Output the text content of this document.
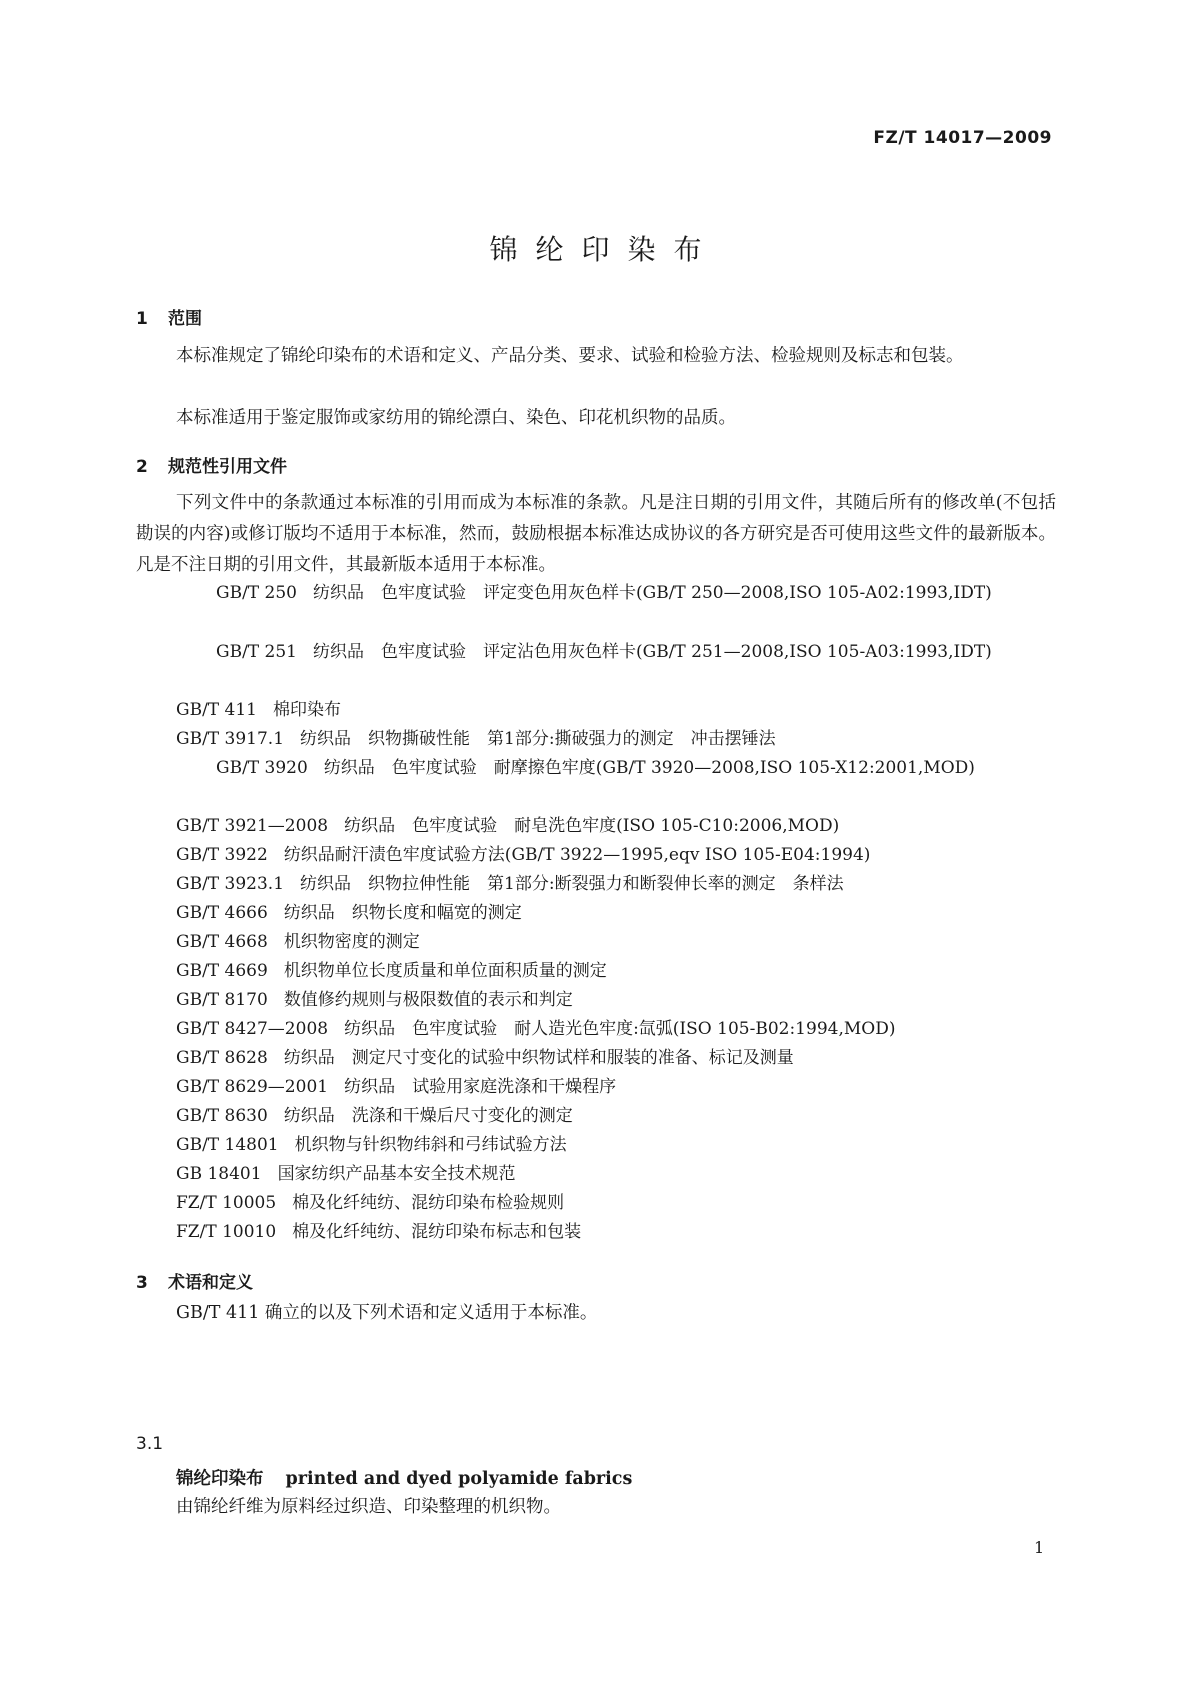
FZ/T 14017—2009
锦纶印染布
1 范围
本标准规定了锦纶印染布的术语和定义、产品分类、要求、试验和检验方法、检验规则及标志和包装。
本标准适用于鉴定服饰或家纺用的锦纶漂白、染色、印花机织物的品质。
2 规范性引用文件
下列文件中的条款通过本标准的引用而成为本标准的条款。凡是注日期的引用文件，其随后所有的修改单(不包括勘误的内容)或修订版均不适用于本标准，然而，鼓励根据本标准达成协议的各方研究是否可使用这些文件的最新版本。凡是不注日期的引用文件，其最新版本适用于本标准。
GB/T 250 纺织品　色牢度试验　评定变色用灰色样卡(GB/T 250—2008,ISO 105-A02:1993,IDT)
GB/T 251 纺织品　色牢度试验　评定沾色用灰色样卡(GB/T 251—2008,ISO 105-A03:1993,IDT)
GB/T 411 棉印染布
GB/T 3917.1 纺织品　织物撕破性能　第1部分:撕破强力的测定　冲击摆锤法
GB/T 3920 纺织品　色牢度试验　耐摩擦色牢度(GB/T 3920—2008,ISO 105-X12:2001,MOD)
GB/T 3921—2008 纺织品　色牢度试验　耐皂洗色牢度(ISO 105-C10:2006,MOD)
GB/T 3922 纺织品耐汗渍色牢度试验方法(GB/T 3922—1995,eqv ISO 105-E04:1994)
GB/T 3923.1 纺织品　织物拉伸性能　第1部分:断裂强力和断裂伸长率的测定　条样法
GB/T 4666 纺织品　织物长度和幅宽的测定
GB/T 4668 机织物密度的测定
GB/T 4669 机织物单位长度质量和单位面积质量的测定
GB/T 8170 数值修约规则与极限数值的表示和判定
GB/T 8427—2008 纺织品　色牢度试验　耐人造光色牢度:氙弧(ISO 105-B02:1994,MOD)
GB/T 8628 纺织品　测定尺寸变化的试验中织物试样和服装的准备、标记及测量
GB/T 8629—2001 纺织品　试验用家庭洗涤和干燥程序
GB/T 8630 纺织品　洗涤和干燥后尺寸变化的测定
GB/T 14801 机织物与针织物纬斜和弓纬试验方法
GB 18401 国家纺织产品基本安全技术规范
FZ/T 10005 棉及化纤纯纺、混纺印染布检验规则
FZ/T 10010 棉及化纤纯纺、混纺印染布标志和包装
3 术语和定义
GB/T 411 确立的以及下列术语和定义适用于本标准。
3.1
锦纶印染布 printed and dyed polyamide fabrics
由锦纶纤维为原料经过织造、印染整理的机织物。
1
